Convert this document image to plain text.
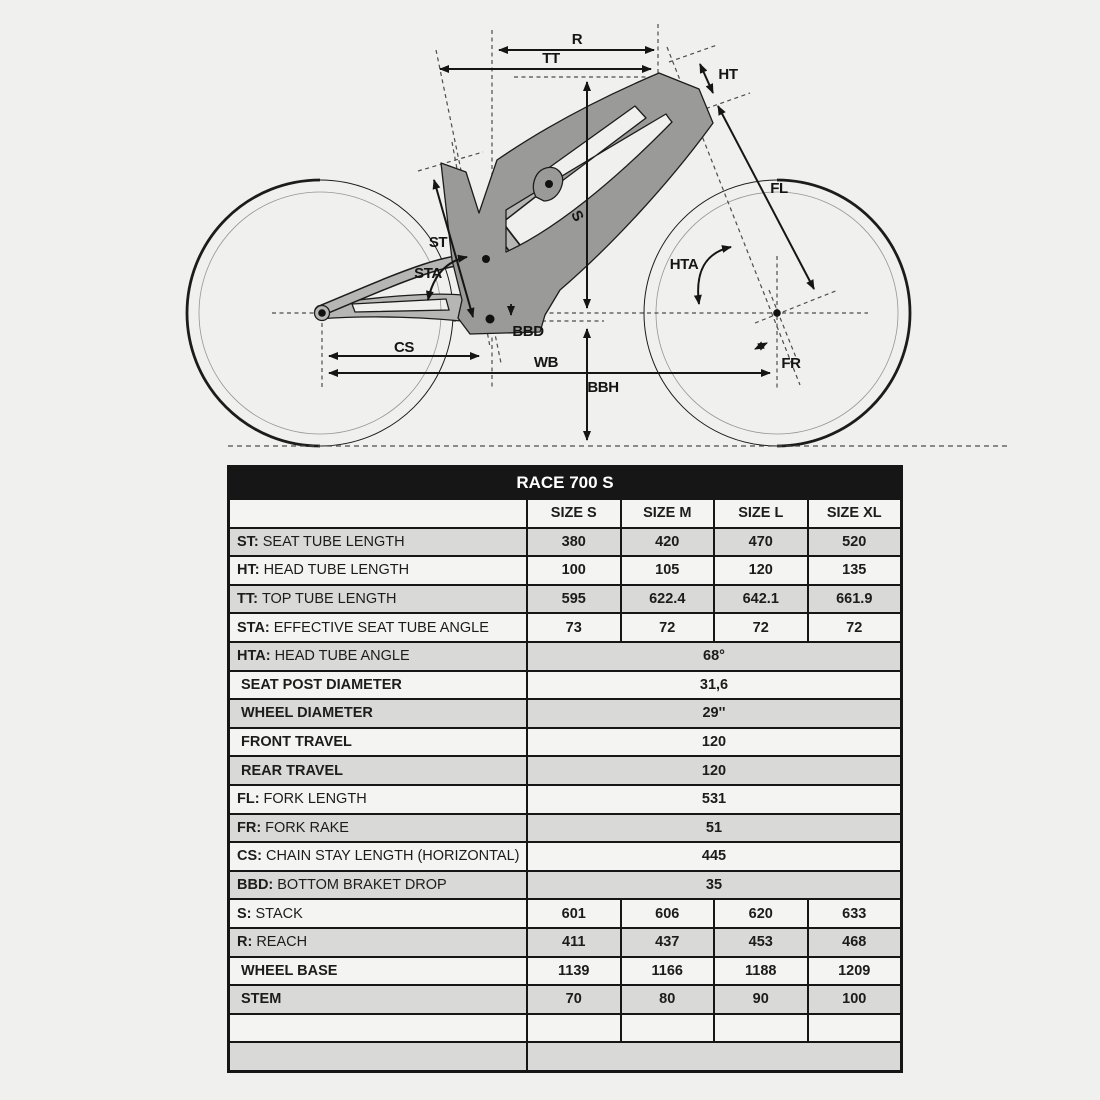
R
TT
HT
FL
S
ST
STA
HTA
BBD
CS
WB
BBH
FR
RACE 700 S
SIZE S	SIZE M	SIZE L	SIZE XL
ST: SEAT TUBE LENGTH	380	420	470	520
HT: HEAD TUBE LENGTH	100	105	120	135
TT: TOP TUBE LENGTH	595	622.4	642.1	661.9
STA: EFFECTIVE SEAT TUBE ANGLE	73	72	72	72
HTA: HEAD TUBE ANGLE	68°
SEAT POST DIAMETER	31,6
WHEEL DIAMETER	29''
FRONT TRAVEL	120
REAR TRAVEL	120
FL: FORK LENGTH	531
FR: FORK RAKE	51
CS: CHAIN STAY LENGTH (HORIZONTAL)	445
BBD: BOTTOM BRAKET DROP	35
S: STACK	601	606	620	633
R: REACH	411	437	453	468
WHEEL BASE	1139	1166	1188	1209
STEM	70	80	90	100
